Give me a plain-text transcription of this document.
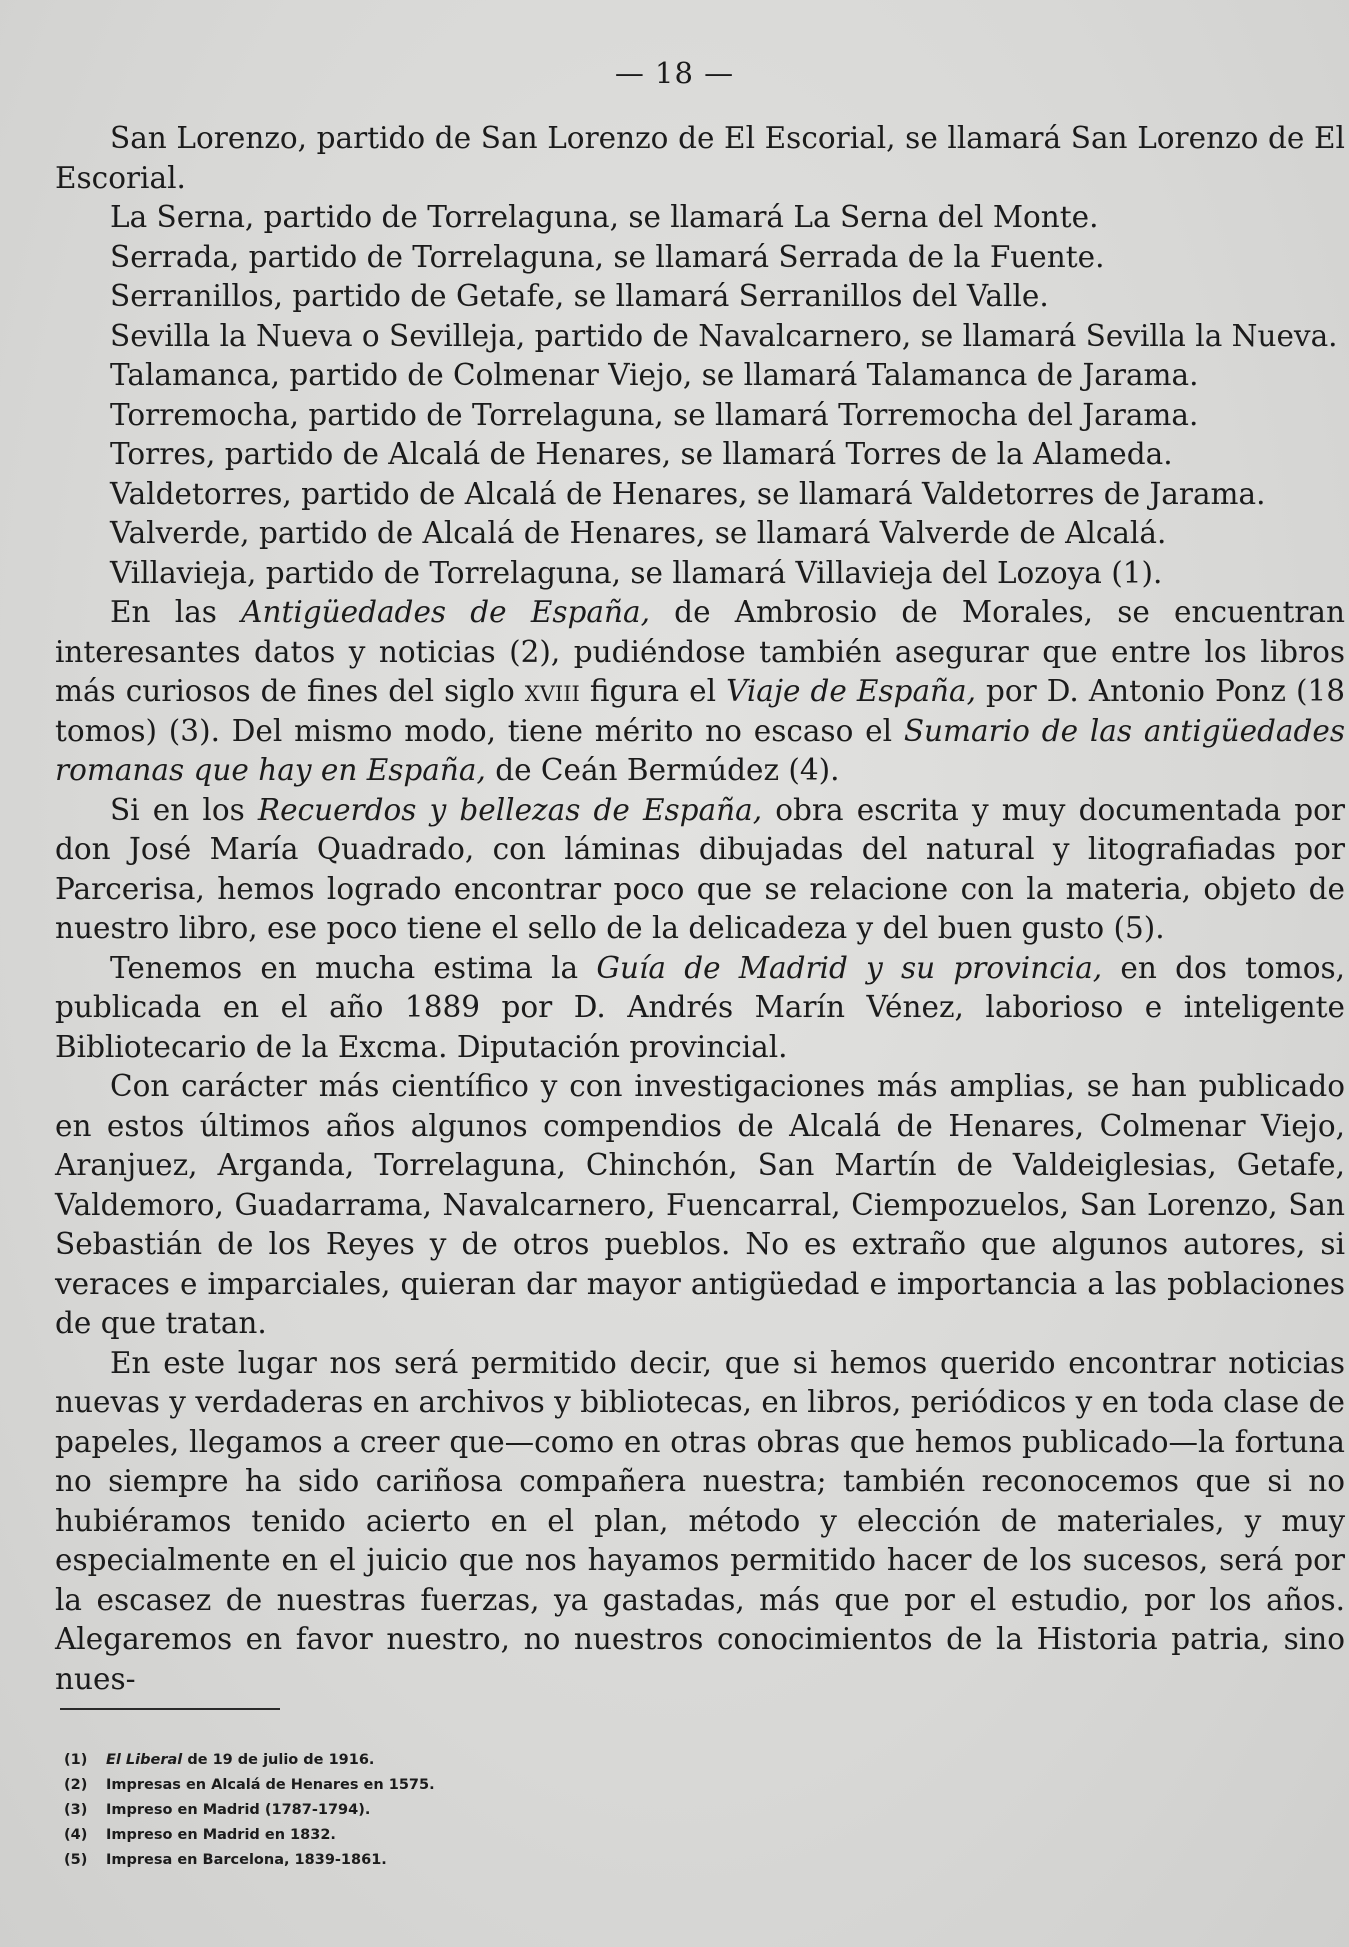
— 18 —

San Lorenzo, partido de San Lorenzo de El Escorial, se llamará San Lorenzo de El Escorial.

La Serna, partido de Torrelaguna, se llamará La Serna del Monte.

Serrada, partido de Torrelaguna, se llamará Serrada de la Fuente.

Serranillos, partido de Getafe, se llamará Serranillos del Valle.

Sevilla la Nueva o Sevilleja, partido de Navalcarnero, se llamará Sevilla la Nueva.

Talamanca, partido de Colmenar Viejo, se llamará Talamanca de Jarama.

Torremocha, partido de Torrelaguna, se llamará Torremocha del Jarama.

Torres, partido de Alcalá de Henares, se llamará Torres de la Alameda.

Valdetorres, partido de Alcalá de Henares, se llamará Valdetorres de Jarama.

Valverde, partido de Alcalá de Henares, se llamará Valverde de Alcalá.

Villavieja, partido de Torrelaguna, se llamará Villavieja del Lozoya (1).

En las Antigüedades de España, de Ambrosio de Morales, se encuentran interesantes datos y noticias (2), pudiéndose también asegurar que entre los libros más curiosos de fines del siglo xviii figura el Viaje de España, por D. Antonio Ponz (18 tomos) (3). Del mismo modo, tiene mérito no escaso el Sumario de las antigüedades romanas que hay en España, de Ceán Bermúdez (4).

Si en los Recuerdos y bellezas de España, obra escrita y muy documentada por don José María Quadrado, con láminas dibujadas del natural y litografiadas por Parcerisa, hemos logrado encontrar poco que se relacione con la materia, objeto de nuestro libro, ese poco tiene el sello de la delicadeza y del buen gusto (5).

Tenemos en mucha estima la Guía de Madrid y su provincia, en dos tomos, publicada en el año 1889 por D. Andrés Marín Vénez, laborioso e inteligente Bibliotecario de la Excma. Diputación provincial.

Con carácter más científico y con investigaciones más amplias, se han publicado en estos últimos años algunos compendios de Alcalá de Henares, Colmenar Viejo, Aranjuez, Arganda, Torrelaguna, Chinchón, San Martín de Valdeiglesias, Getafe, Valdemoro, Guadarrama, Navalcarnero, Fuencarral, Ciempozuelos, San Lorenzo, San Sebastián de los Reyes y de otros pueblos. No es extraño que algunos autores, si veraces e imparciales, quieran dar mayor antigüedad e importancia a las poblaciones de que tratan.

En este lugar nos será permitido decir, que si hemos querido encontrar noticias nuevas y verdaderas en archivos y bibliotecas, en libros, periódicos y en toda clase de papeles, llegamos a creer que—como en otras obras que hemos publicado—la fortuna no siempre ha sido cariñosa compañera nuestra; también reconocemos que si no hubiéramos tenido acierto en el plan, método y elección de materiales, y muy especialmente en el juicio que nos hayamos permitido hacer de los sucesos, será por la escasez de nuestras fuerzas, ya gastadas, más que por el estudio, por los años. Alegaremos en favor nuestro, no nuestros conocimientos de la Historia patria, sino nues-

(1) El Liberal de 19 de julio de 1916.
(2) Impresas en Alcalá de Henares en 1575.
(3) Impreso en Madrid (1787-1794).
(4) Impreso en Madrid en 1832.
(5) Impresa en Barcelona, 1839-1861.
